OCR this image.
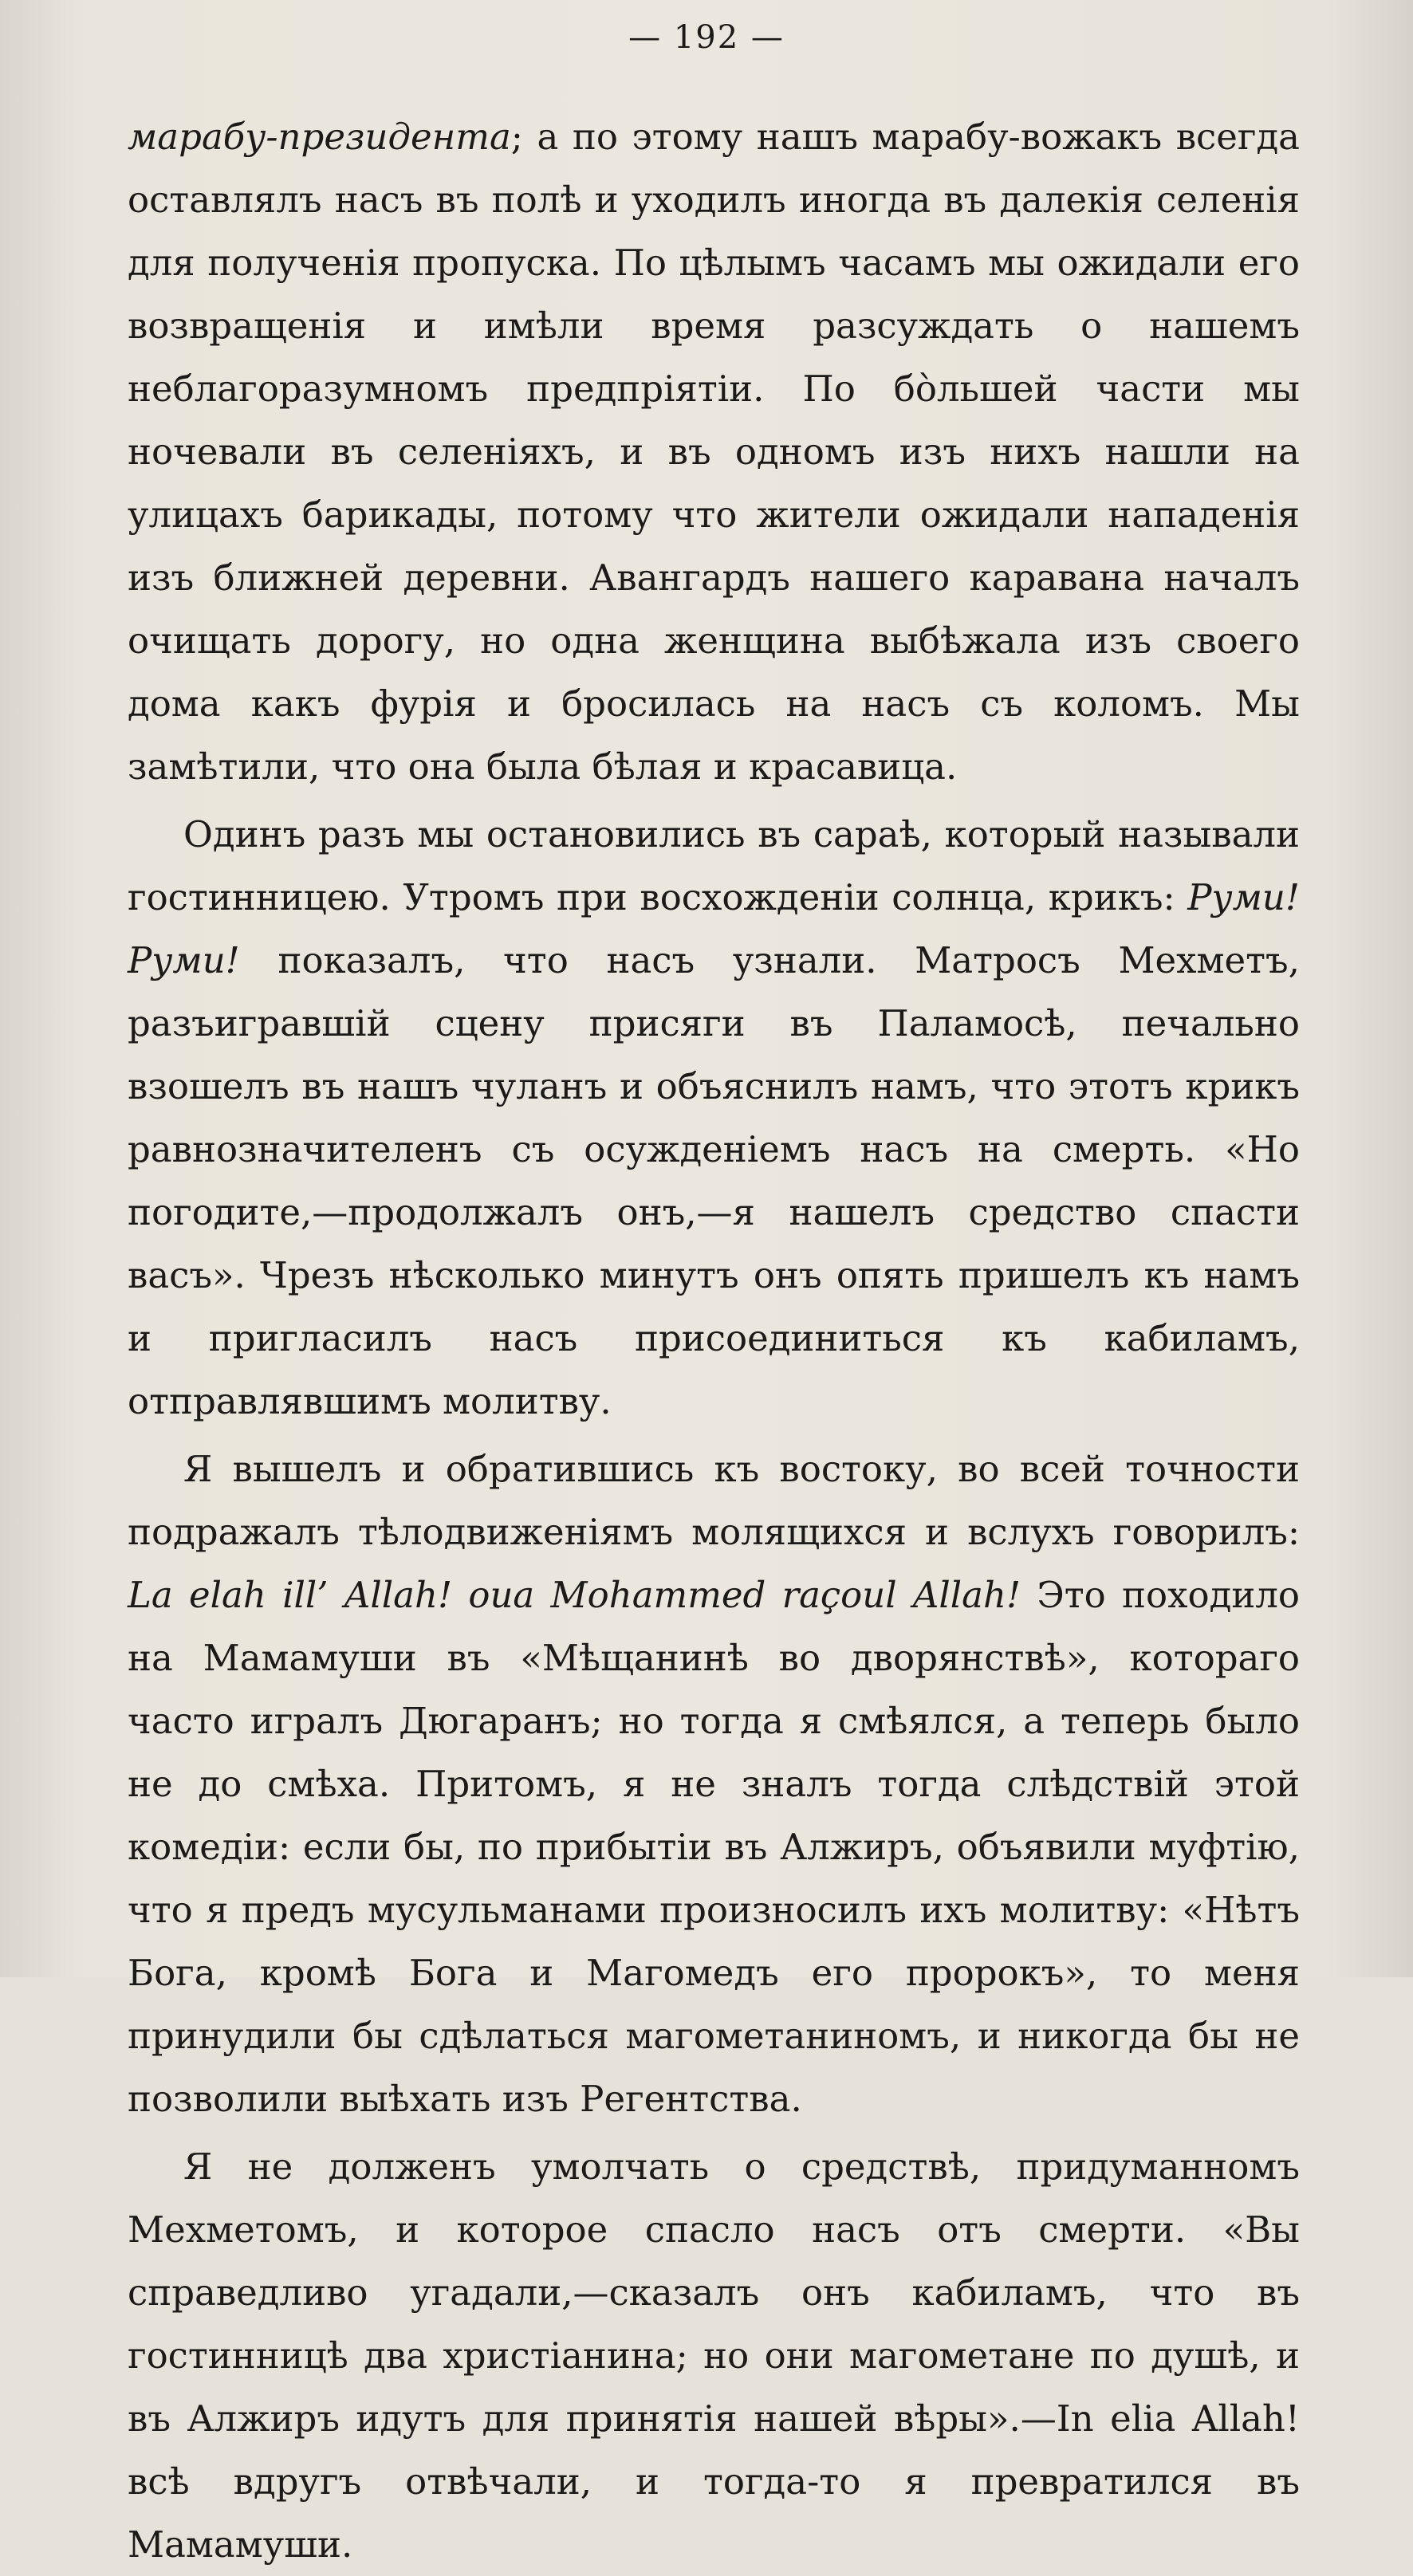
— 192 —

марабу-президента; а по этому нашъ марабу-вожакъ всегда оставлялъ насъ въ полѣ и уходилъ иногда въ далекія селенія для полученія пропуска. По цѣлымъ часамъ мы ожидали его возвращенія и имѣли время разсуждать о нашемъ неблагоразумномъ предпріятіи. По бо̀льшей части мы ночевали въ селеніяхъ, и въ одномъ изъ нихъ нашли на улицахъ барикады, потому что жители ожидали нападенія изъ ближней деревни. Авангардъ нашего каравана началъ очищать дорогу, но одна женщина выбѣжала изъ своего дома какъ фурія и бросилась на насъ съ коломъ. Мы замѣтили, что она была бѣлая и красавица.

Одинъ разъ мы остановились въ сараѣ, который называли гостинницею. Утромъ при восхожденіи солнца, крикъ: Руми! Руми! показалъ, что насъ узнали. Матросъ Мехметъ, разъигравшій сцену присяги въ Паламосѣ, печально взошелъ въ нашъ чуланъ и объяснилъ намъ, что этотъ крикъ равнозначителенъ съ осужденіемъ насъ на смерть. «Но погодите,—продолжалъ онъ,—я нашелъ средство спасти васъ». Чрезъ нѣсколько минутъ онъ опять пришелъ къ намъ и пригласилъ насъ присоединиться къ кабиламъ, отправлявшимъ молитву.

Я вышелъ и обратившись къ востоку, во всей точности подражалъ тѣлодвиженіямъ молящихся и вслухъ говорилъ: La elah ill’ Allah! oua Mohammed raçoul Allah! Это походило на Мамамуши въ «Мѣщанинѣ во дворянствѣ», котораго часто игралъ Дюгаранъ; но тогда я смѣялся, а теперь было не до смѣха. Притомъ, я не зналъ тогда слѣдствій этой комедіи: если бы, по прибытіи въ Алжиръ, объявили муфтію, что я предъ мусульманами произносилъ ихъ молитву: «Нѣтъ Бога, кромѣ Бога и Магомедъ его пророкъ», то меня принудили бы сдѣлаться магометаниномъ, и никогда бы не позволили выѣхать изъ Регентства.

Я не долженъ умолчать о средствѣ, придуманномъ Мехметомъ, и которое спасло насъ отъ смерти. «Вы справедливо угадали,—сказалъ онъ кабиламъ, что въ гостинницѣ два христіанина; но они магометане по душѣ, и въ Алжиръ идутъ для принятія нашей вѣры».—In elia Allah! всѣ вдругъ отвѣчали, и тогда-то я превратился въ Мамамуши.
